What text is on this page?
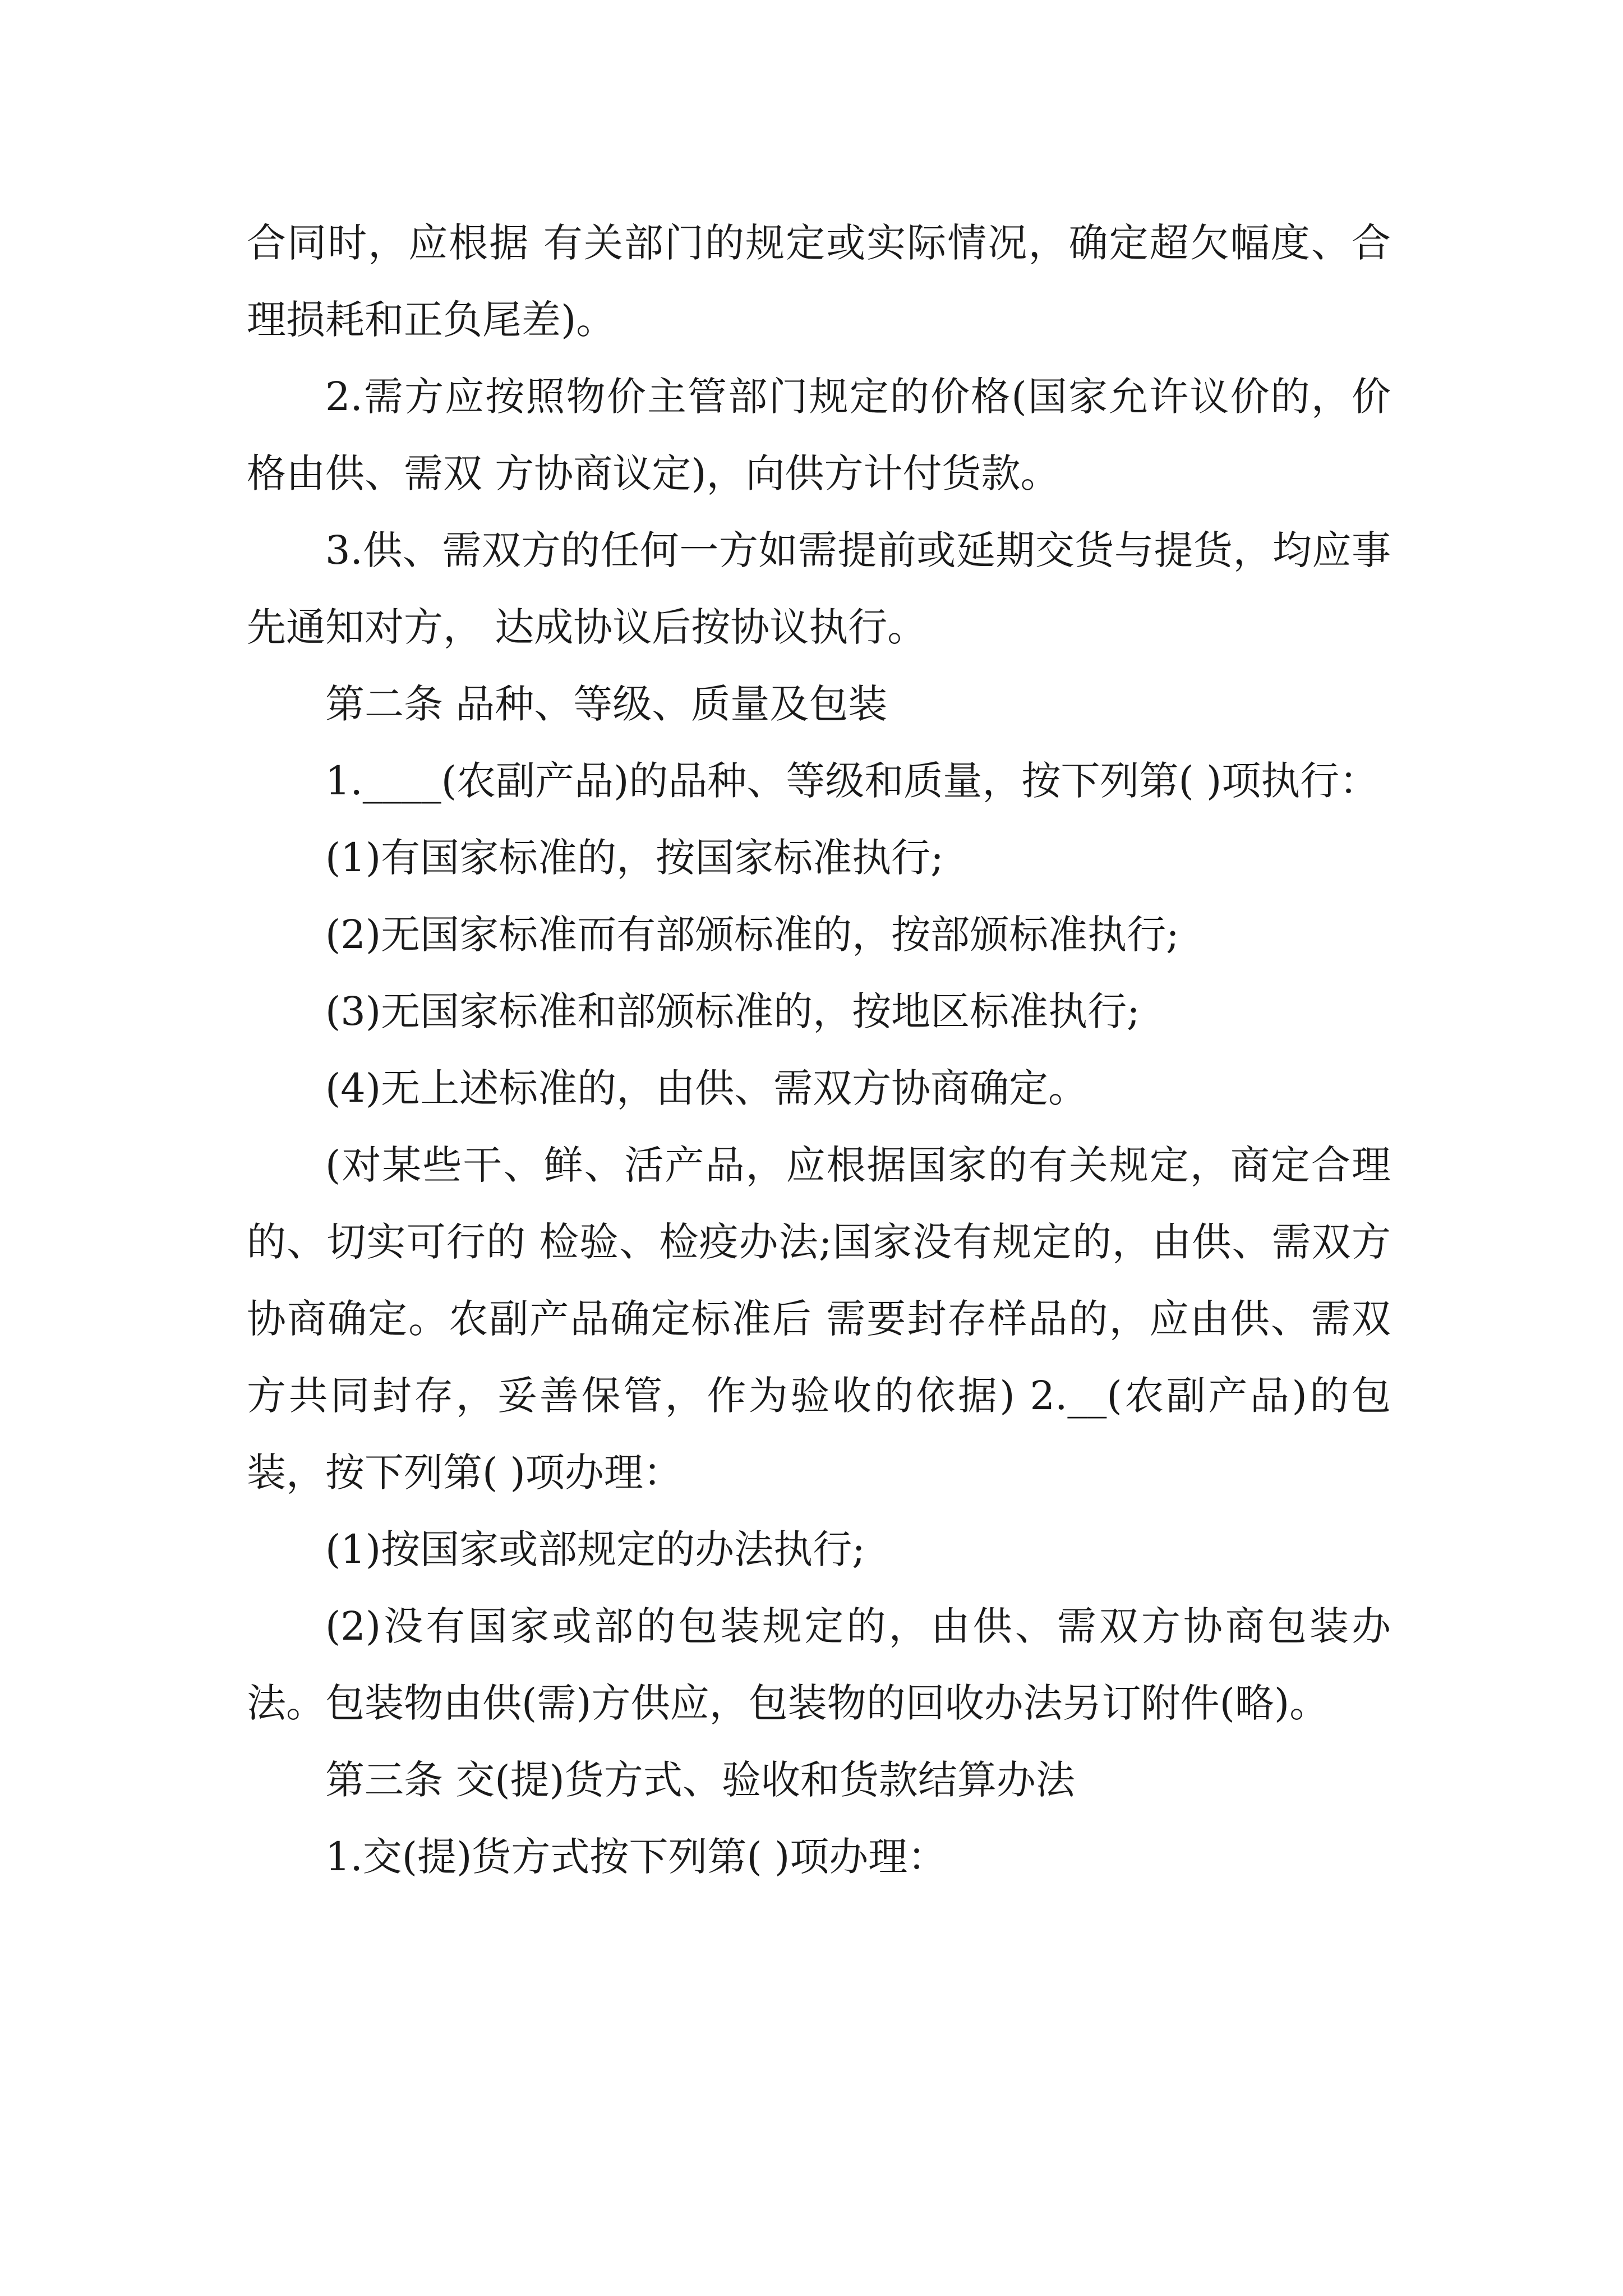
合同时，应根据 有关部门的规定或实际情况，确定超欠幅度、合理损耗和正负尾差)。

2.需方应按照物价主管部门规定的价格(国家允许议价的，价格由供、需双 方协商议定)，向供方计付货款。

3.供、需双方的任何一方如需提前或延期交货与提货，均应事先通知对方， 达成协议后按协议执行。

第二条 品种、等级、质量及包装

1.____(农副产品)的品种、等级和质量，按下列第( )项执行：

(1)有国家标准的，按国家标准执行;

(2)无国家标准而有部颁标准的，按部颁标准执行;

(3)无国家标准和部颁标准的，按地区标准执行;

(4)无上述标准的，由供、需双方协商确定。

(对某些干、鲜、活产品，应根据国家的有关规定，商定合理的、切实可行的 检验、检疫办法;国家没有规定的，由供、需双方协商确定。农副产品确定标准后 需要封存样品的，应由供、需双方共同封存，妥善保管，作为验收的依据) 2.__(农副产品)的包装，按下列第( )项办理：

(1)按国家或部规定的办法执行;

(2)没有国家或部的包装规定的，由供、需双方协商包装办法。包装物由供(需)方供应，包装物的回收办法另订附件(略)。

第三条 交(提)货方式、验收和货款结算办法

1.交(提)货方式按下列第( )项办理：
